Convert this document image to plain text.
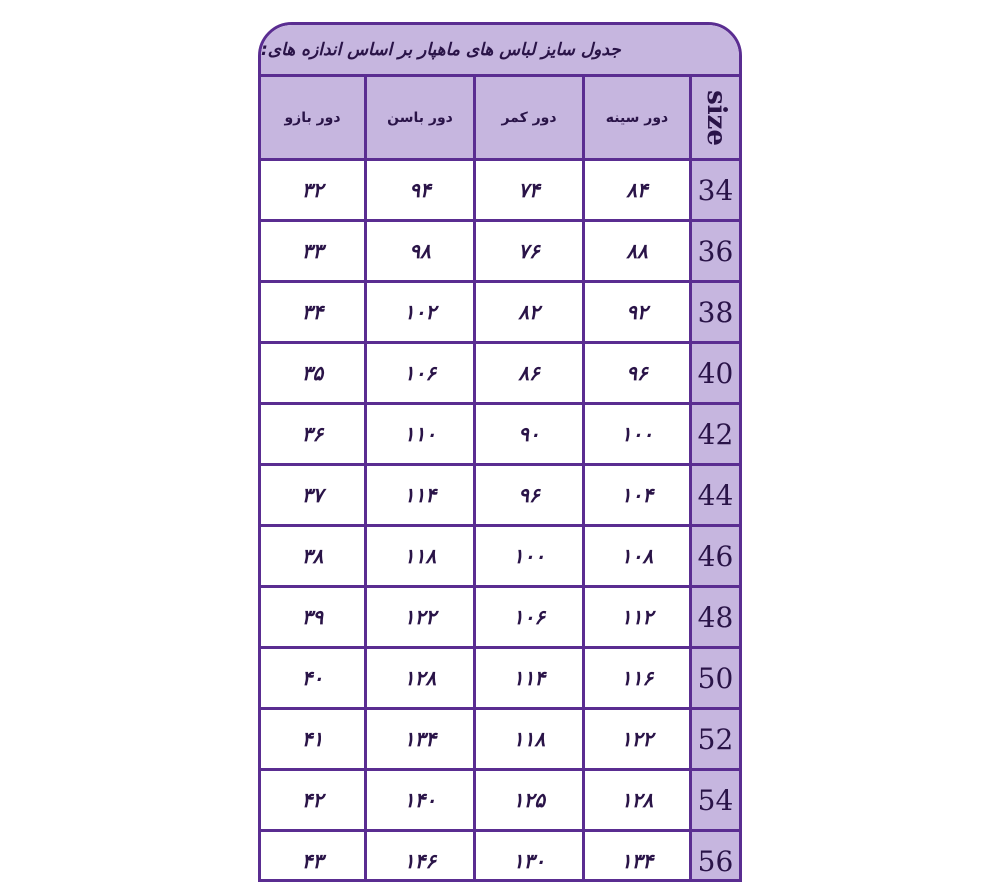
جدول سایز لباس های ماهپار بر اساس اندازه های:
دور بازو	دور باسن	دور کمر	دور سینه size
۳۲	۹۴	۷۴	۸۴ 34
۳۳	۹۸	۷۶	۸۸ 36
۳۴	۱۰۲	۸۲	۹۲ 38
۳۵	۱۰۶	۸۶	۹۶ 40
۳۶	۱۱۰	۹۰	۱۰۰ 42
۳۷	۱۱۴	۹۶	۱۰۴ 44
۳۸	۱۱۸	۱۰۰	۱۰۸ 46
۳۹	۱۲۲	۱۰۶	۱۱۲ 48
۴۰	۱۲۸	۱۱۴	۱۱۶ 50
۴۱	۱۳۴	۱۱۸	۱۲۲ 52
۴۲	۱۴۰	۱۲۵	۱۲۸ 54
۴۳	۱۴۶	۱۳۰	۱۳۴ 56
